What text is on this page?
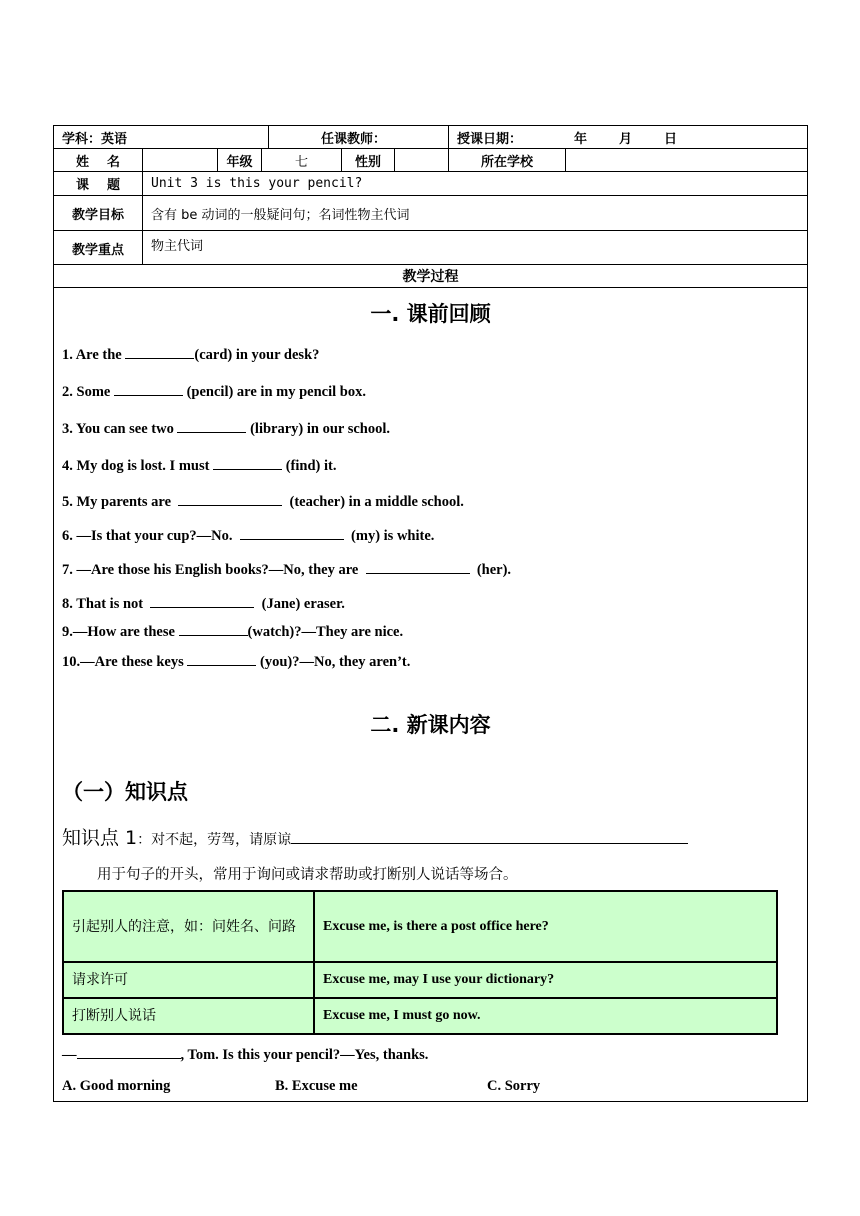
学科：英语	任课教师：	授课日期：	年 月 日
姓    名	年级	七	性别	所在学校
课    题 Unit 3 is this your pencil?
教学目标 含有 be 动词的一般疑问句；名词性物主代词
教学重点 物主代词
教学过程
一. 课前回顾
1. Are the	(card) in your desk?
2. Some	(pencil) are in my pencil box.
3. You can see two	(library) in our school.
4. My dog is lost. I must	(find) it.
5. My parents are	(teacher) in a middle school.
6. —Is that your cup?—No.	(my) is white.
7. —Are those his English books?—No, they are	(her).
8. That is not	(Jane) eraser.
9.—How are these	(watch)?—They are nice.
10.—Are these keys	(you)?—No, they aren’t.
二. 新课内容
（一）知识点
知识点 1：对不起，劳驾，请原谅
用于句子的开头，常用于询问或请求帮助或打断别人说话等场合。
引起别人的注意，如：问姓名、问路	Excuse me, is there a post office here?
请求许可	Excuse me, may I use your dictionary?
打断别人说话	Excuse me, I must go now.
—	, Tom. Is this your pencil?—Yes, thanks.
A. Good morning	B. Excuse me	C. Sorry
